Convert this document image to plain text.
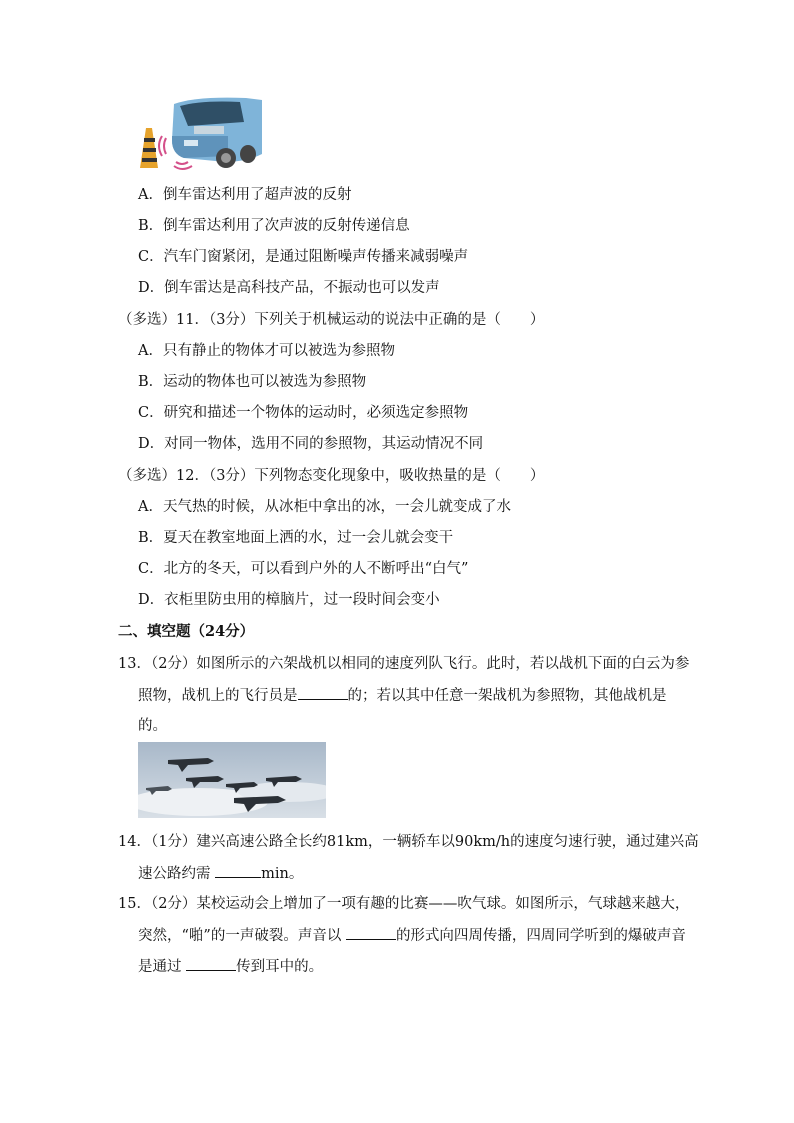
A．倒车雷达利用了超声波的反射
B．倒车雷达利用了次声波的反射传递信息
C．汽车门窗紧闭，是通过阻断噪声传播来减弱噪声
D．倒车雷达是高科技产品，不振动也可以发声
（多选）11．（3分）下列关于机械运动的说法中正确的是（　　）
A．只有静止的物体才可以被选为参照物
B．运动的物体也可以被选为参照物
C．研究和描述一个物体的运动时，必须选定参照物
D．对同一物体，选用不同的参照物，其运动情况不同
（多选）12．（3分）下列物态变化现象中，吸收热量的是（　　）
A．天气热的时候，从冰柜中拿出的冰，一会儿就变成了水
B．夏天在教室地面上洒的水，过一会儿就会变干
C．北方的冬天，可以看到户外的人不断呼出“白气”
D．衣柜里防虫用的樟脑片，过一段时间会变小
二、填空题（24分）
13．（2分）如图所示的六架战机以相同的速度列队飞行。此时，若以战机下面的白云为参
照物，战机上的飞行员是	的；若以其中任意一架战机为参照物，其他战机是
的。
14．（1分）建兴高速公路全长约81km，一辆轿车以90km/h的速度匀速行驶，通过建兴高
速公路约需	min。
15．（2分）某校运动会上增加了一项有趣的比赛——吹气球。如图所示，气球越来越大，
突然，“啪”的一声破裂。声音以	的形式向四周传播，四周同学听到的爆破声音
是通过	传到耳中的。
